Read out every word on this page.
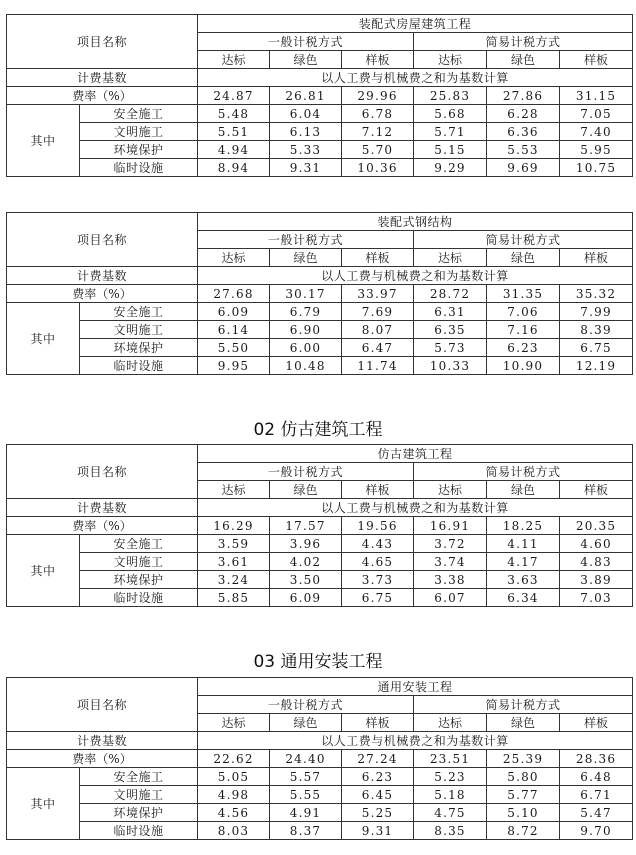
项目名称		装配式房屋建筑工程					
		一般计税方式			简易计税方式		
		达标	绿色	样板	达标	绿色	样板
计费基数		以人工费与机械费之和为基数计算					
费率（%）		24.87	26.81	29.96	25.83	27.86	31.15
其中	安全施工	5.48	6.04	6.78	5.68	6.28	7.05
	文明施工	5.51	6.13	7.12	5.71	6.36	7.40
	环境保护	4.94	5.33	5.70	5.15	5.53	5.95
	临时设施	8.94	9.31	10.36	9.29	9.69	10.75
项目名称		装配式钢结构					
		一般计税方式			简易计税方式		
		达标	绿色	样板	达标	绿色	样板
计费基数		以人工费与机械费之和为基数计算					
费率（%）		27.68	30.17	33.97	28.72	31.35	35.32
其中	安全施工	6.09	6.79	7.69	6.31	7.06	7.99
	文明施工	6.14	6.90	8.07	6.35	7.16	8.39
	环境保护	5.50	6.00	6.47	5.73	6.23	6.75
	临时设施	9.95	10.48	11.74	10.33	10.90	12.19
02 仿古建筑工程
项目名称		仿古建筑工程					
		一般计税方式			简易计税方式		
		达标	绿色	样板	达标	绿色	样板
计费基数		以人工费与机械费之和为基数计算					
费率（%）		16.29	17.57	19.56	16.91	18.25	20.35
其中	安全施工	3.59	3.96	4.43	3.72	4.11	4.60
	文明施工	3.61	4.02	4.65	3.74	4.17	4.83
	环境保护	3.24	3.50	3.73	3.38	3.63	3.89
	临时设施	5.85	6.09	6.75	6.07	6.34	7.03
03 通用安装工程
项目名称		通用安装工程					
		一般计税方式			简易计税方式		
		达标	绿色	样板	达标	绿色	样板
计费基数		以人工费与机械费之和为基数计算					
费率（%）		22.62	24.40	27.24	23.51	25.39	28.36
其中	安全施工	5.05	5.57	6.23	5.23	5.80	6.48
	文明施工	4.98	5.55	6.45	5.18	5.77	6.71
	环境保护	4.56	4.91	5.25	4.75	5.10	5.47
	临时设施	8.03	8.37	9.31	8.35	8.72	9.70
